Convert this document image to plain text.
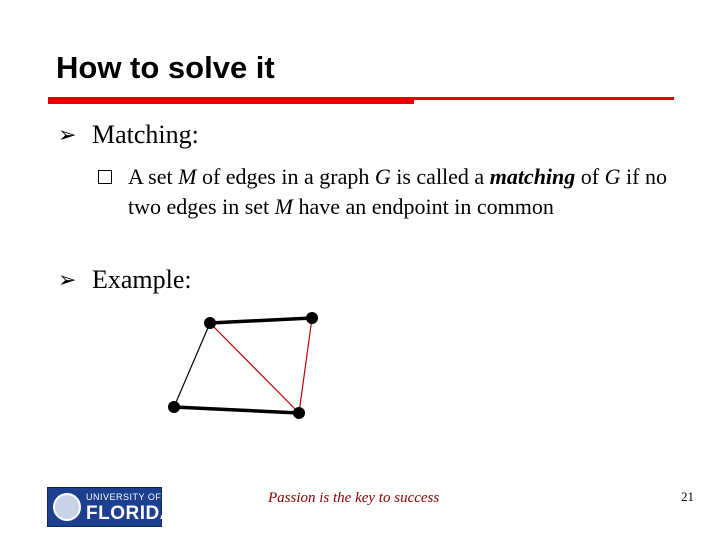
How to solve it
➢ Matching:
A set M of edges in a graph G is called a matching of G if no two edges in set M have an endpoint in common
➢ Example:
UNIVERSITY OF
FLORIDA
Passion is the key to success	21
